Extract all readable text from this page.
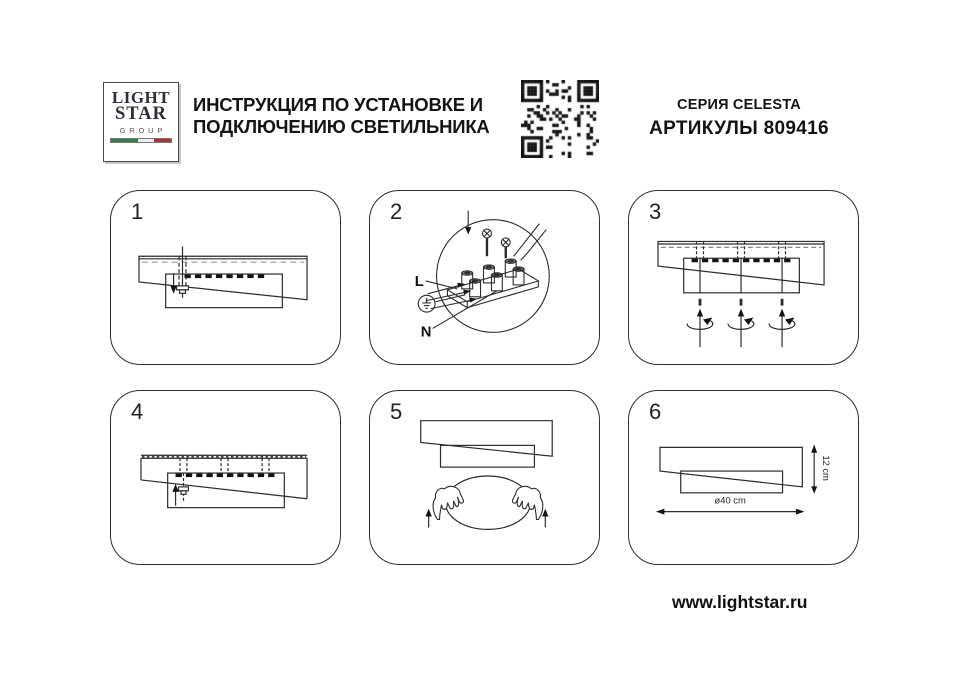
LIGHT
STAR
GROUP
ИНСТРУКЦИЯ ПО УСТАНОВКЕ И
ПОДКЛЮЧЕНИЮ СВЕТИЛЬНИКА
СЕРИЯ CELESTA
АРТИКУЛЫ 809416
1	2
L
N
3
4	5	6
12 cm
ø40 cm
www.lightstar.ru
